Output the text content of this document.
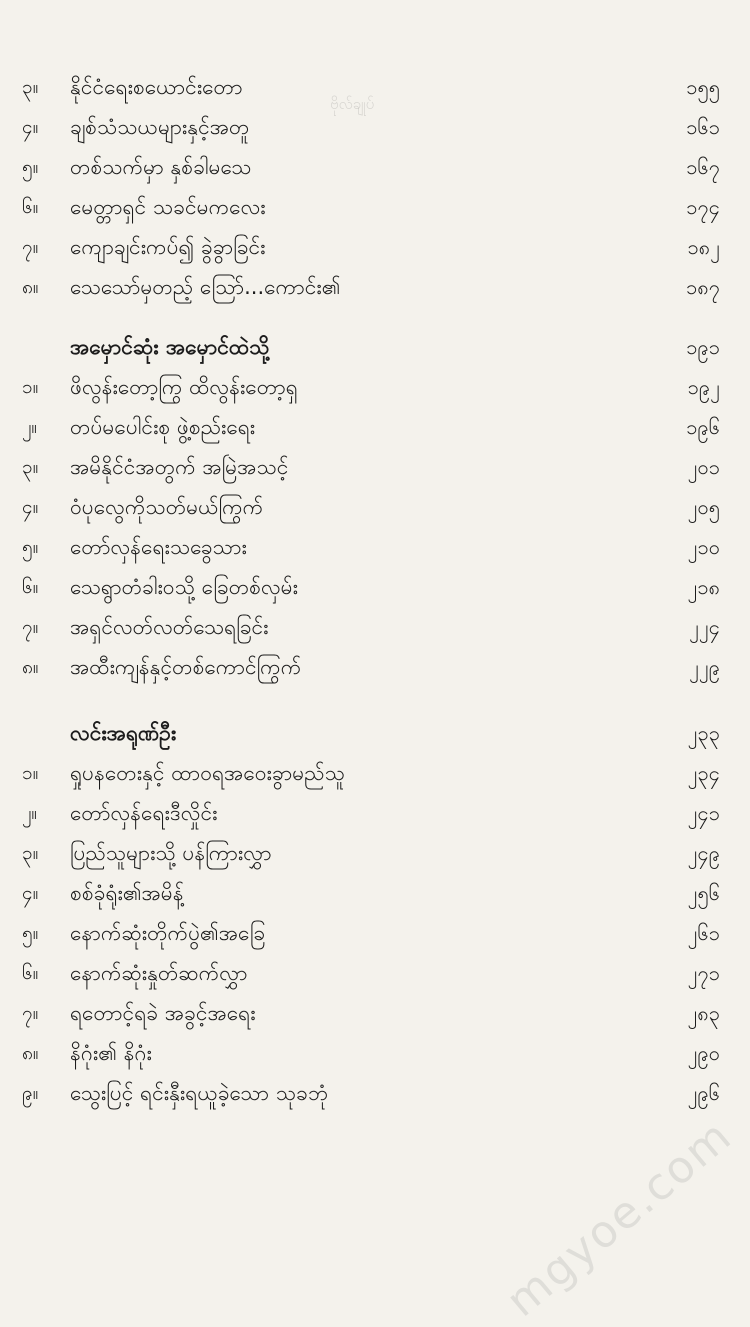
ဗိုလ်ချုပ်
၃။	နိုင်ငံရေးစယောင်းတော	၁၅၅
၄။	ချစ်သံသယများနှင့်အတူ	၁၆၁
၅။	တစ်သက်မှာ နှစ်ခါမသေ	၁၆၇
၆။	မေတ္တာရှင် သခင်မကလေး	၁၇၄
၇။	ကျောချင်းကပ်၍ ခွဲခွာခြင်း	၁၈၂
၈။	သေသော်မှတည့် သြော်...ကောင်း၏	၁၈၇
အမှောင်ဆုံး အမှောင်ထဲသို့	၁၉၁
၁။	ဖိလွန်းတော့ကြွ ထိလွန်းတော့ရှ	၁၉၂
၂။	တပ်မပေါင်းစု ဖွဲ့စည်းရေး	၁၉၆
၃။	အမိနိုင်ငံအတွက် အမြဲအသင့်	၂၀၁
၄။	ဝံပုလွေကိုသတ်မယ်ကြွက်	၂၀၅
၅။	တော်လှန်ရေးသခွေသား	၂၁၀
၆။	သေရွာတံခါးဝသို့ ခြေတစ်လှမ်း	၂၁၈
၇။	အရှင်လတ်လတ်သေရခြင်း	၂၂၄
၈။	အထီးကျန်နှင့်တစ်ကောင်ကြွက်	၂၂၉
လင်းအရုဏ်ဦး	၂၃၃
၁။	ရှုပနတေးနှင့် ထာဝရအဝေးခွာမည်သူ	၂၃၄
၂။	တော်လှန်ရေးဒီလှိုင်း	၂၄၁
၃။	ပြည်သူများသို့ ပန်ကြားလွှာ	၂၄၉
၄။	စစ်ခုံရုံး၏အမိန့်	၂၅၆
၅။	နောက်ဆုံးတိုက်ပွဲ၏အခြေ	၂၆၁
၆။	နောက်ဆုံးနှုတ်ဆက်လွှာ	၂၇၁
၇။	ရတောင့်ရခဲ အခွင့်အရေး	၂၈၃
၈။	နိဂုံး၏ နိဂုံး	၂၉၀
၉။	သွေးပြင့် ရင်းနှီးရယူခဲ့သော သုခဘုံ	၂၉၆
mgyoe.com
